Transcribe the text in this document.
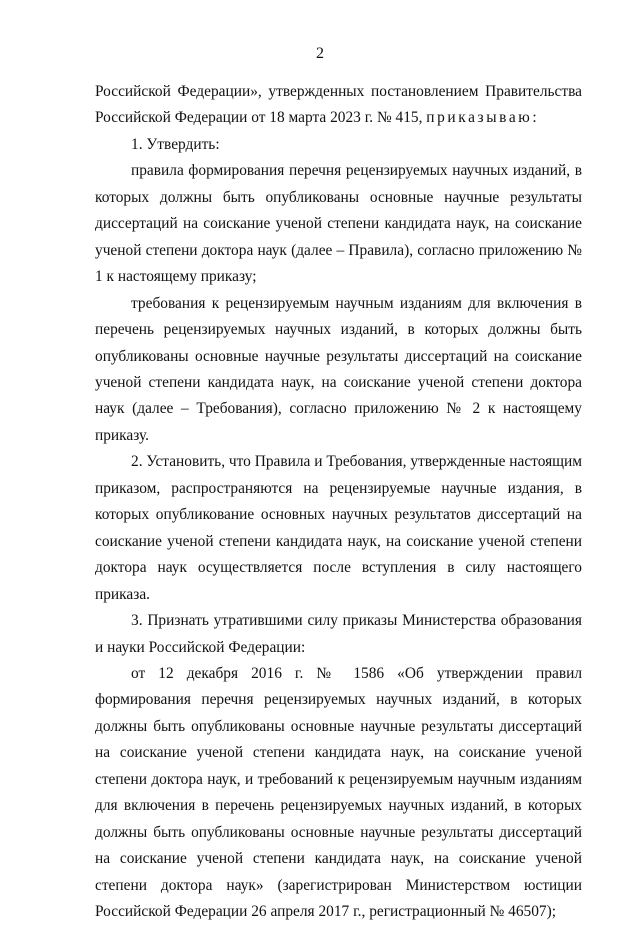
2

Российской Федерации», утвержденных постановлением Правительства Российской Федерации от 18 марта 2023 г. № 415, приказываю:

1. Утвердить:

правила формирования перечня рецензируемых научных изданий, в которых должны быть опубликованы основные научные результаты диссертаций на соискание ученой степени кандидата наук, на соискание ученой степени доктора наук (далее – Правила), согласно приложению № 1 к настоящему приказу;

требования к рецензируемым научным изданиям для включения в перечень рецензируемых научных изданий, в которых должны быть опубликованы основные научные результаты диссертаций на соискание ученой степени кандидата наук, на соискание ученой степени доктора наук (далее – Требования), согласно приложению № 2 к настоящему приказу.

2. Установить, что Правила и Требования, утвержденные настоящим приказом, распространяются на рецензируемые научные издания, в которых опубликование основных научных результатов диссертаций на соискание ученой степени кандидата наук, на соискание ученой степени доктора наук осуществляется после вступления в силу настоящего приказа.

3. Признать утратившими силу приказы Министерства образования и науки Российской Федерации:

от 12 декабря 2016 г. № 1586 «Об утверждении правил формирования перечня рецензируемых научных изданий, в которых должны быть опубликованы основные научные результаты диссертаций на соискание ученой степени кандидата наук, на соискание ученой степени доктора наук, и требований к рецензируемым научным изданиям для включения в перечень рецензируемых научных изданий, в которых должны быть опубликованы основные научные результаты диссертаций на соискание ученой степени кандидата наук, на соискание ученой степени доктора наук» (зарегистрирован Министерством юстиции Российской Федерации 26 апреля 2017 г., регистрационный № 46507);
